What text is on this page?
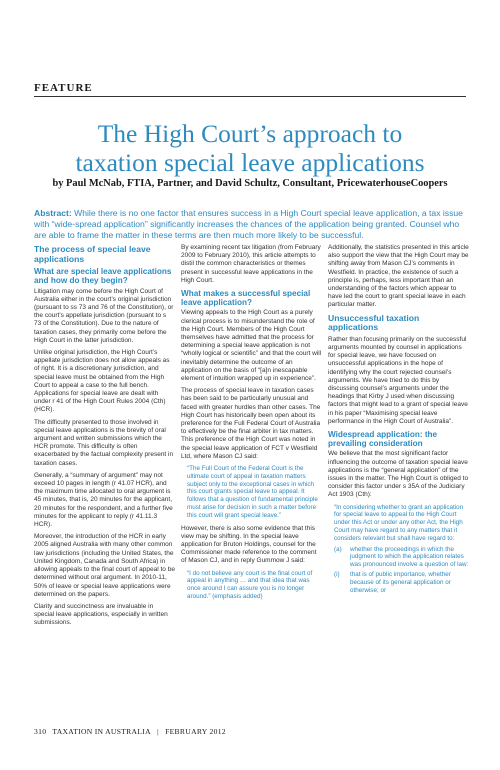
FEATURE
The High Court’s approach to
taxation special leave applications
by Paul McNab, FTIA, Partner, and David Schultz, Consultant, PricewaterhouseCoopers
Abstract: While there is no one factor that ensures success in a High Court special leave application, a tax issue with “wide-spread application” significantly increases the chances of the application being granted. Counsel who are able to frame the matter in these terms are then much more likely to be successful.
The process of special leave applications
What are special leave applications and how do they begin?

Litigation may come before the High Court of Australia either in the court’s original jurisdiction (pursuant to ss 73 and 76 of the Constitution), or the court’s appellate jurisdiction (pursuant to s 73 of the Constitution). Due to the nature of taxation cases, they primarily come before the High Court in the latter jurisdiction.

Unlike original jurisdiction, the High Court’s appellate jurisdiction does not allow appeals as of right. It is a discretionary jurisdiction, and special leave must be obtained from the High Court to appeal a case to the full bench. Applications for special leave are dealt with under r 41 of the High Court Rules 2004 (Cth) (HCR).

The difficulty presented to those involved in special leave applications is the brevity of oral argument and written submissions which the HCR promote. This difficulty is often exacerbated by the factual complexity present in taxation cases.

Generally, a “summary of argument” may not exceed 10 pages in length (r 41.07 HCR), and the maximum time allocated to oral argument is 45 minutes, that is, 20 minutes for the applicant, 20 minutes for the respondent, and a further five minutes for the applicant to reply (r 41.11.3 HCR).

Moreover, the introduction of the HCR in early 2005 aligned Australia with many other common law jurisdictions (including the United States, the United Kingdom, Canada and South Africa) in allowing appeals to the final court of appeal to be determined without oral argument. In 2010-11, 50% of leave or special leave applications were determined on the papers.

Clarity and succinctness are invaluable in special leave applications, especially in written submissions.

By examining recent tax litigation (from February 2009 to February 2010), this article attempts to distil the common characteristics or themes present in successful leave applications in the High Court.

What makes a successful special leave application?

Viewing appeals to the High Court as a purely clerical process is to misunderstand the role of the High Court. Members of the High Court themselves have admitted that the process for determining a special leave application is not “wholly logical or scientific” and that the court will inevitably determine the outcome of an application on the basis of “[a]n inescapable element of intuition wrapped up in experience”.

The process of special leave in taxation cases has been said to be particularly unusual and faced with greater hurdles than other cases. The High Court has historically been open about its preference for the Full Federal Court of Australia to effectively be the final arbiter in tax matters. This preference of the High Court was noted in the special leave application of FCT v Westfield Ltd, where Mason CJ said:

“The Full Court of the Federal Court is the ultimate court of appeal in taxation matters subject only to the exceptional cases in which this court grants special leave to appeal. It follows that a question of fundamental principle must arise for decision in such a matter before this court will grant special leave.”

However, there is also some evidence that this view may be shifting. In the special leave application for Bruton Holdings, counsel for the Commissioner made reference to the comment of Mason CJ, and in reply Gummow J said:

“I do not believe any court is the final court of appeal in anything … and that idea that was once around I can assure you is no longer around.” (emphasis added)

Additionally, the statistics presented in this article also support the view that the High Court may be shifting away from Mason CJ’s comments in Westfield. In practice, the existence of such a principle is, perhaps, less important than an understanding of the factors which appear to have led the court to grant special leave in each particular matter.

Unsuccessful taxation applications

Rather than focusing primarily on the successful arguments mounted by counsel in applications for special leave, we have focused on unsuccessful applications in the hope of identifying why the court rejected counsel’s arguments. We have tried to do this by discussing counsel’s arguments under the headings that Kirby J used when discussing factors that might lead to a grant of special leave in his paper “Maximising special leave performance in the High Court of Australia”.

Widespread application: the prevailing consideration

We believe that the most significant factor influencing the outcome of taxation special leave applications is the “general application” of the issues in the matter. The High Court is obliged to consider this factor under s 35A of the Judiciary Act 1903 (Cth):

“In considering whether to grant an application for special leave to appeal to the High Court under this Act or under any other Act, the High Court may have regard to any matters that it considers relevant but shall have regard to:

(a)	whether the proceedings in which the judgment to which the application relates was pronounced involve a question of law:
(i)	that is of public importance, whether because of its general application or otherwise; or
310 TAXATION IN AUSTRALIA | FEBRUARY 2012
